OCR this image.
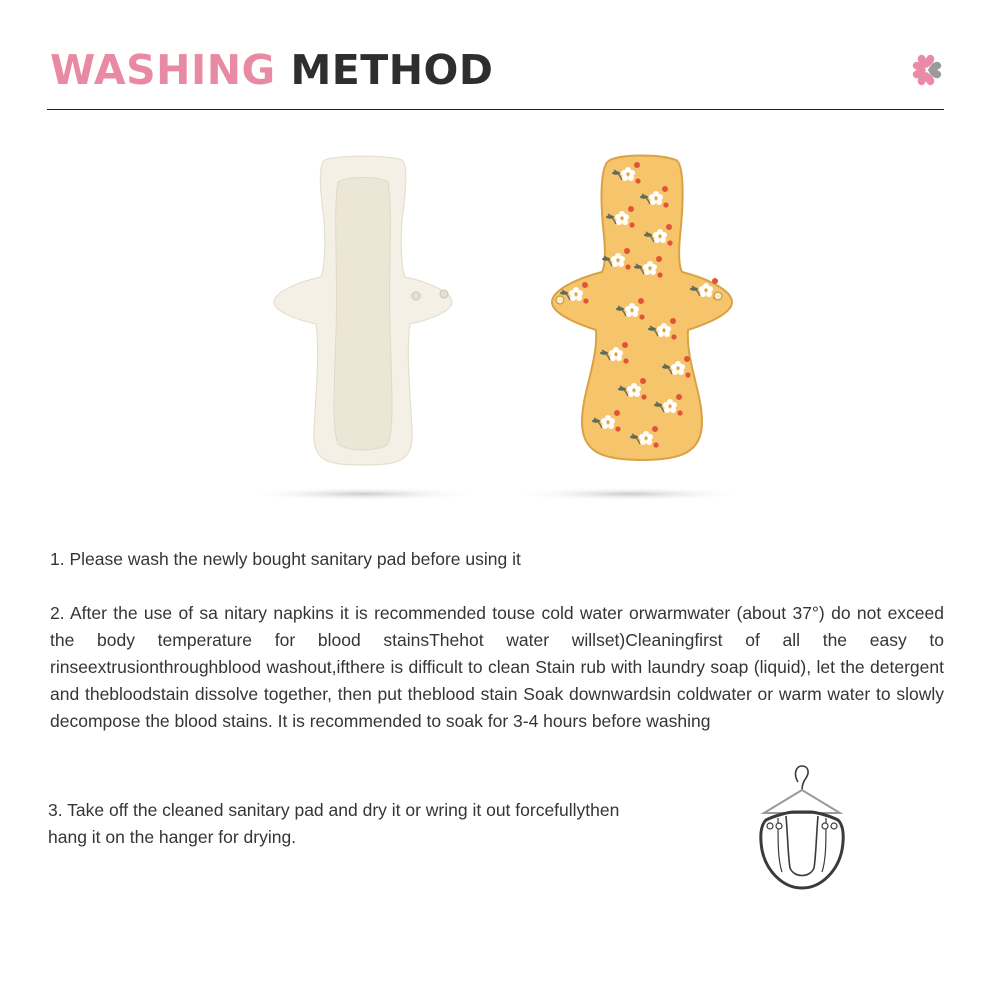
WASHING METHOD

1. Please wash the newly bought sanitary pad before using it

2. After the use of sa nitary napkins it is recommended touse cold water orwarmwater (about 37°) do not exceed the body temperature for blood stainsThehot water willset)Cleaningfirst of all the easy to rinseextrusionthroughblood washout,ifthere is difficult to clean Stain rub with laundry soap (liquid), let the detergent and thebloodstain dissolve together, then put theblood stain Soak downwardsin coldwater or warm water to slowly decompose the blood stains. It is recommended to soak for 3-4 hours before washing

3. Take off the cleaned sanitary pad and dry it or wring it out forcefullythen hang it on the hanger for drying.
